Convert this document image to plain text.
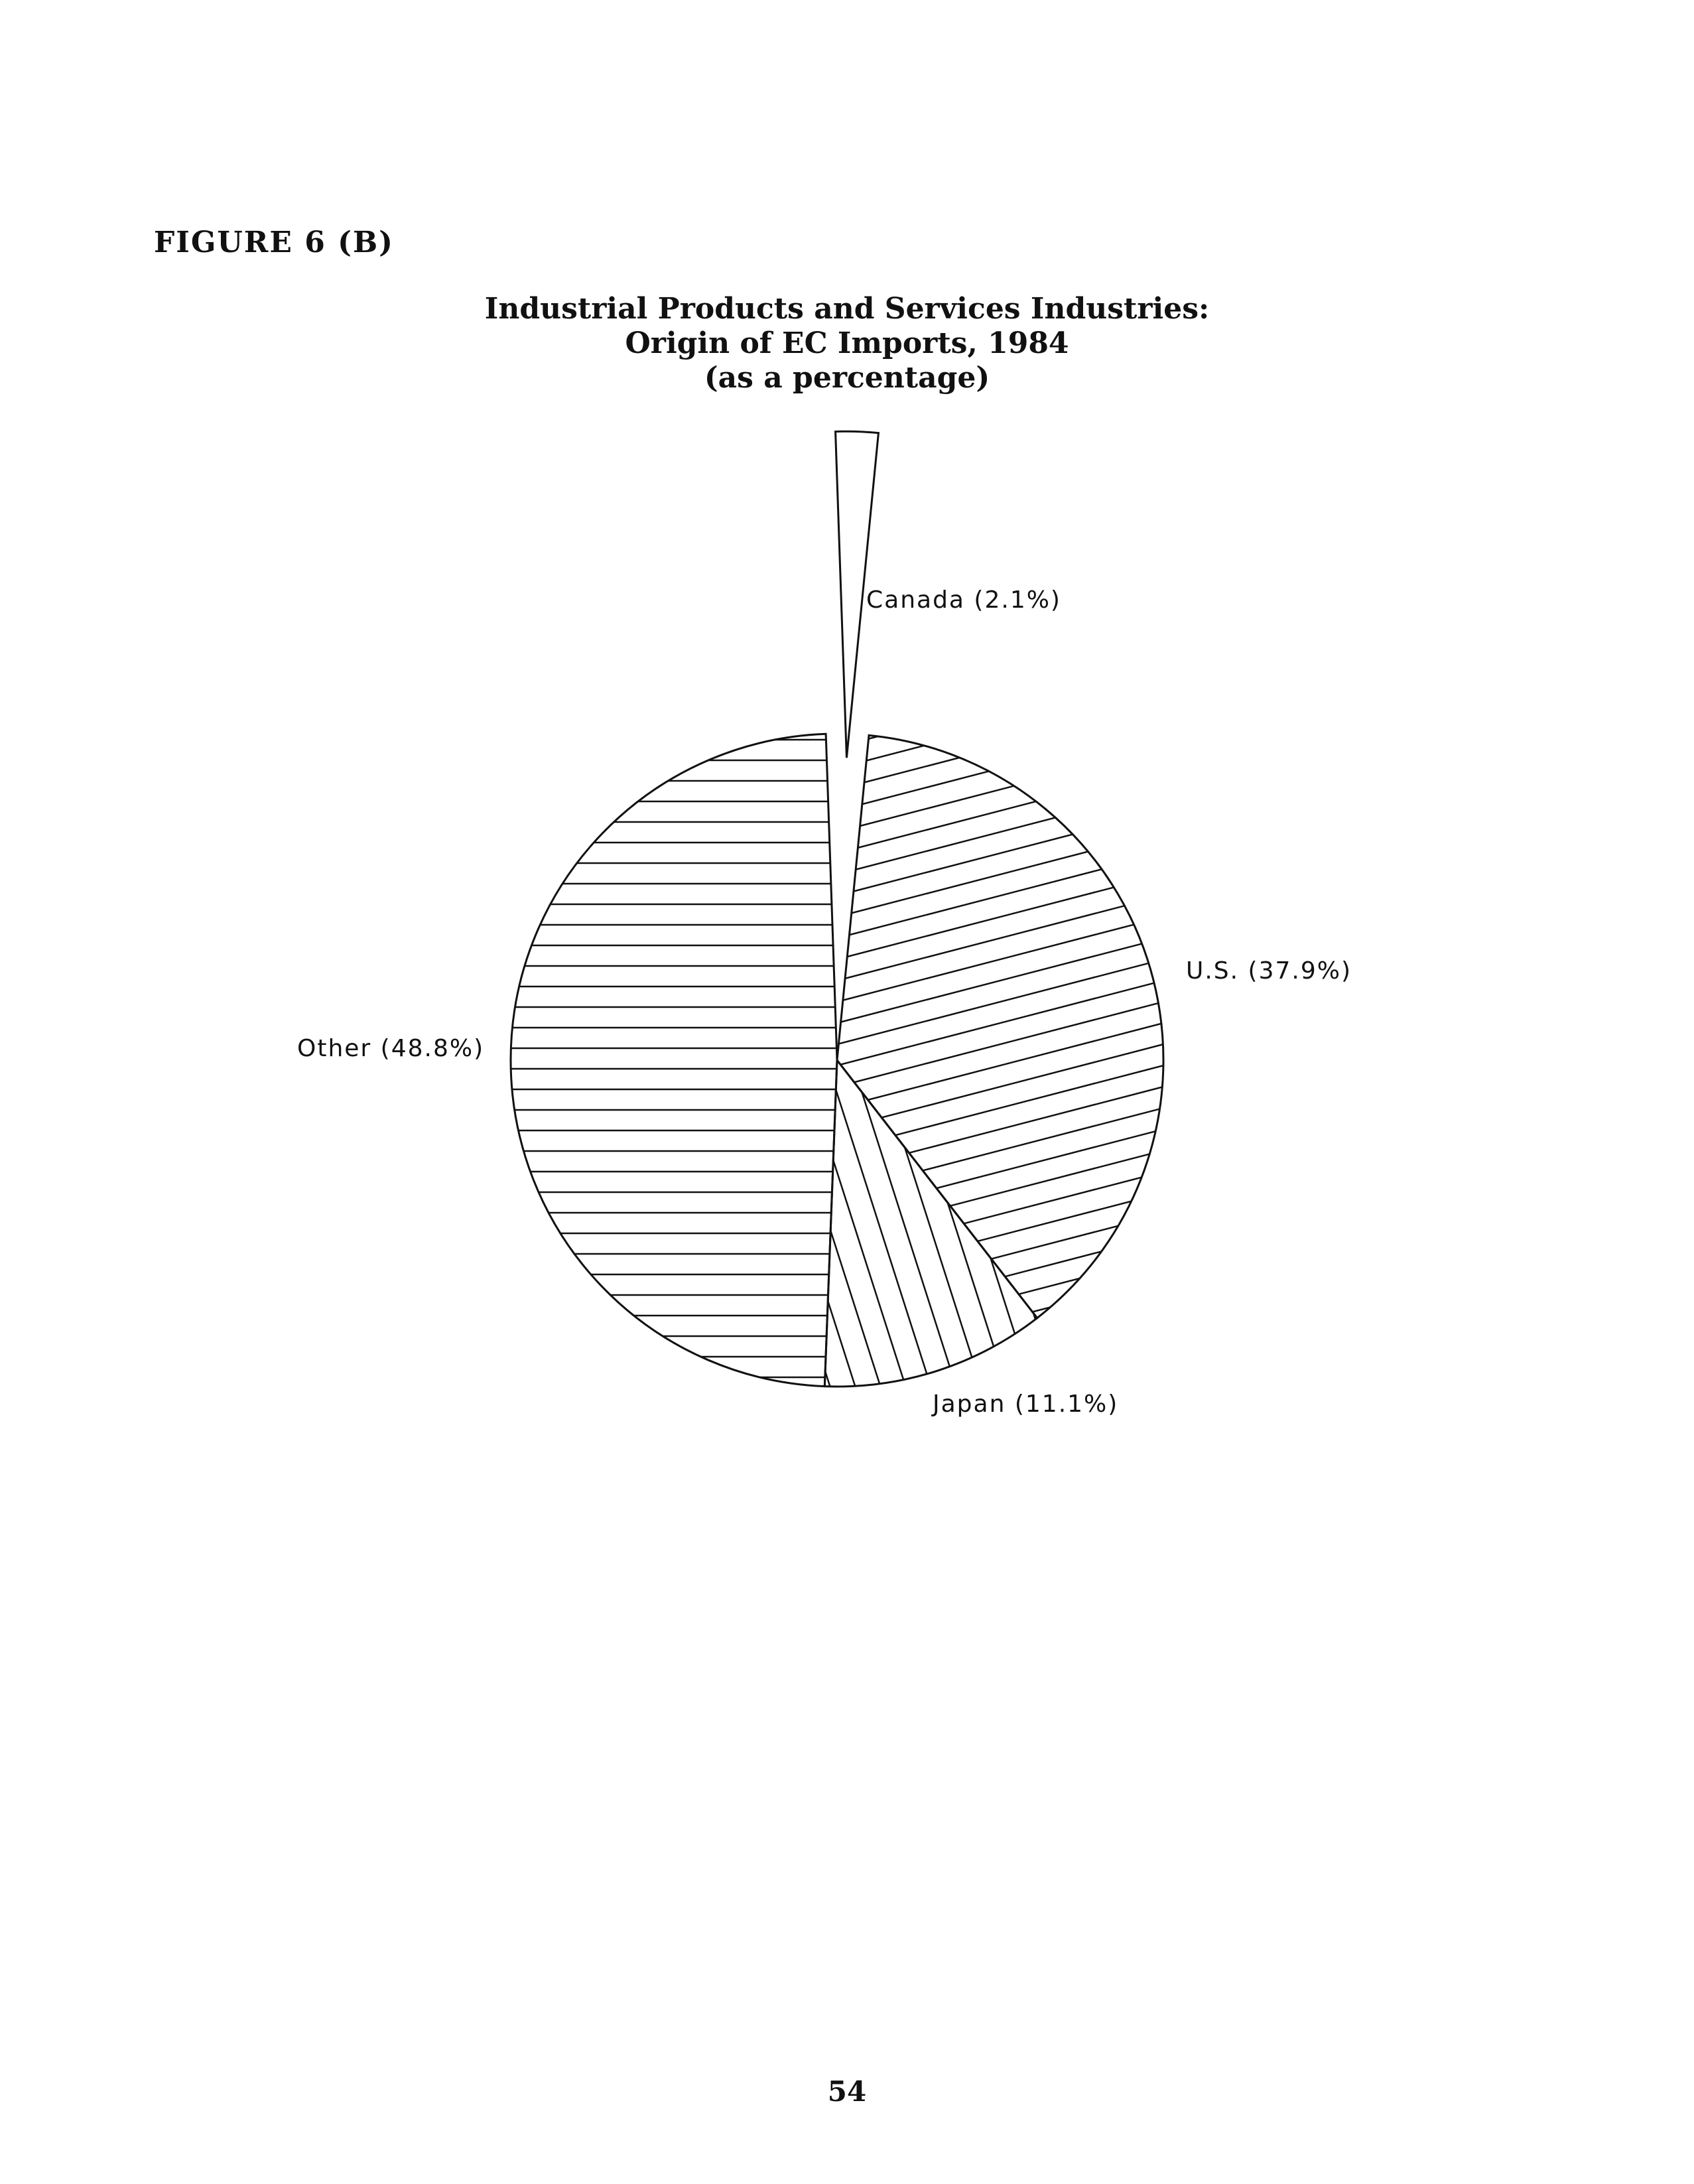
FIGURE 6 (B)
Industrial Products and Services Industries:
Origin of EC Imports, 1984
(as a percentage)
U.S. (37.9%)
Japan (11.1%)
Other (48.8%)
Canada (2.1%)
54
